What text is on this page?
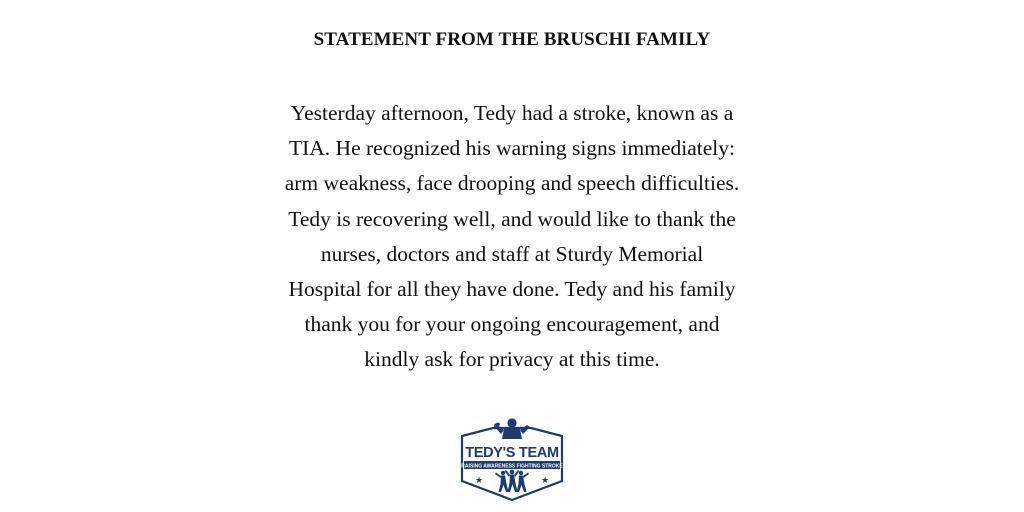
STATEMENT FROM THE BRUSCHI FAMILY

Yesterday afternoon, Tedy had a stroke, known as a
TIA. He recognized his warning signs immediately:
arm weakness, face drooping and speech difficulties.
Tedy is recovering well, and would like to thank the
nurses, doctors and staff at Sturdy Memorial
Hospital for all they have done. Tedy and his family
thank you for your ongoing encouragement, and
kindly ask for privacy at this time.

TEDY'S TEAM
RAISING AWARENESS FIGHTING STROKE
★	★
